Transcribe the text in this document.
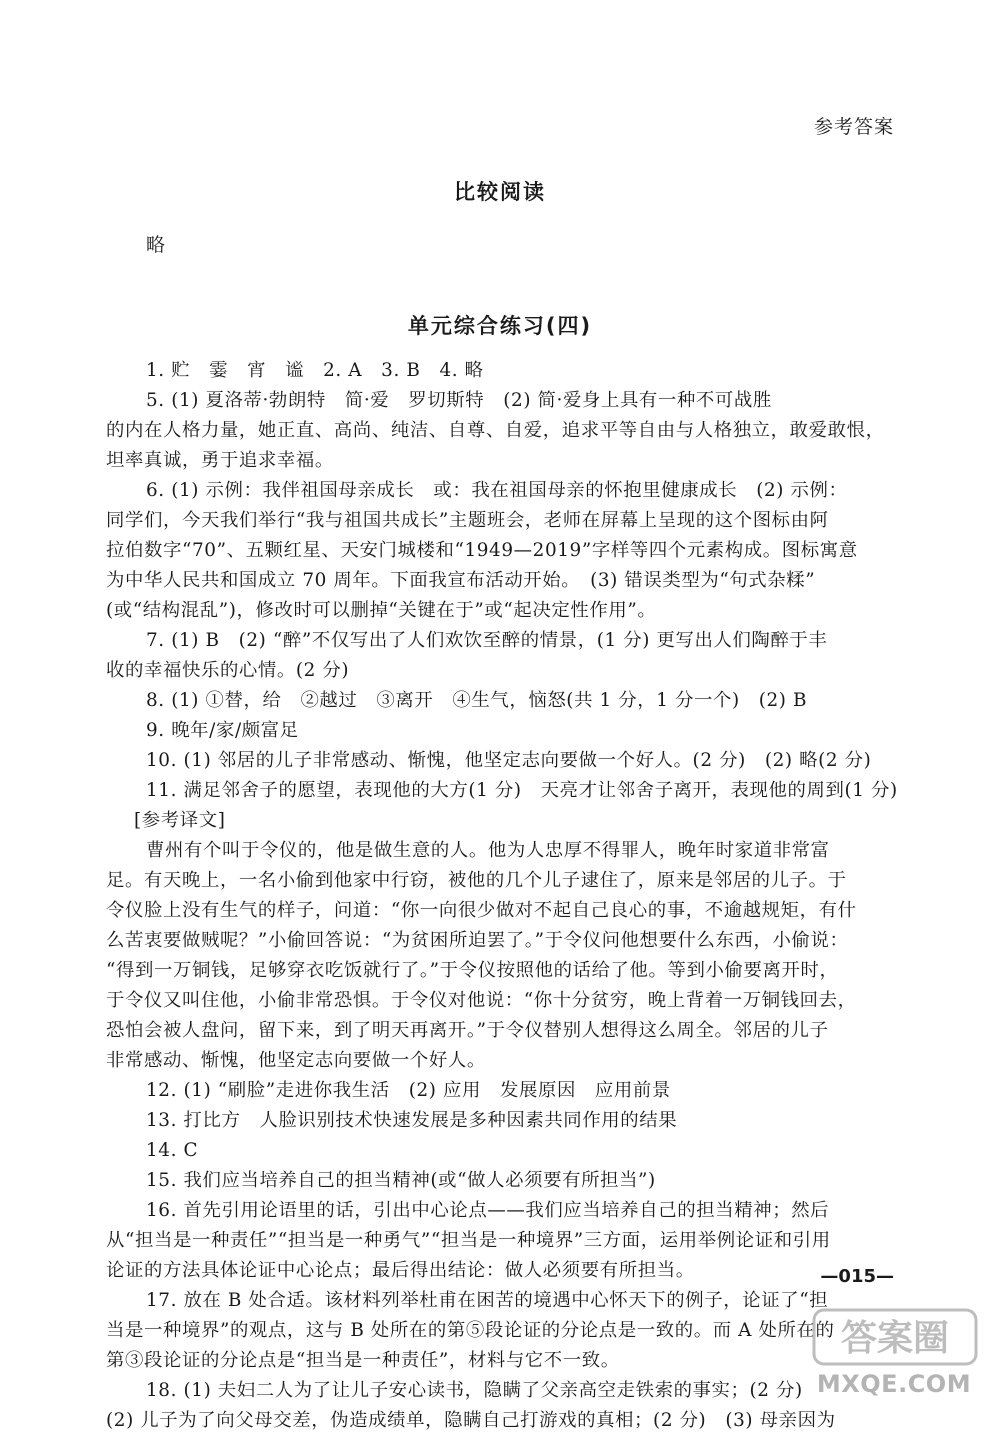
参考答案
比较阅读
略
单元综合练习(四)
1. 贮　霎　宵　谧　2. A　3. B　4. 略
5. (1) 夏洛蒂·勃朗特　简·爱　罗切斯特　(2) 简·爱身上具有一种不可战胜
的内在人格力量，她正直、高尚、纯洁、自尊、自爱，追求平等自由与人格独立，敢爱敢恨，
坦率真诚，勇于追求幸福。
6. (1) 示例：我伴祖国母亲成长　或：我在祖国母亲的怀抱里健康成长　(2) 示例：
同学们，今天我们举行“我与祖国共成长”主题班会，老师在屏幕上呈现的这个图标由阿
拉伯数字“70”、五颗红星、天安门城楼和“1949—2019”字样等四个元素构成。图标寓意
为中华人民共和国成立 70 周年。下面我宣布活动开始。　(3) 错误类型为“句式杂糅”
(或“结构混乱”)，修改时可以删掉“关键在于”或“起决定性作用”。
7. (1) B　(2) “醉”不仅写出了人们欢饮至醉的情景，(1 分) 更写出人们陶醉于丰
收的幸福快乐的心情。(2 分)
8. (1) ①替，给　②越过　③离开　④生气，恼怒(共 1 分，1 分一个)　(2) B
9. 晚年/家/颇富足
10. (1) 邻居的儿子非常感动、惭愧，他坚定志向要做一个好人。(2 分)　(2) 略(2 分)
11. 满足邻舍子的愿望，表现他的大方(1 分)　天亮才让邻舍子离开，表现他的周到(1 分)
[参考译文]
曹州有个叫于令仪的，他是做生意的人。他为人忠厚不得罪人，晚年时家道非常富
足。有天晚上，一名小偷到他家中行窃，被他的几个儿子逮住了，原来是邻居的儿子。于
令仪脸上没有生气的样子，问道：“你一向很少做对不起自己良心的事，不逾越规矩，有什
么苦衷要做贼呢？”小偷回答说：“为贫困所迫罢了。”于令仪问他想要什么东西，小偷说：
“得到一万铜钱，足够穿衣吃饭就行了。”于令仪按照他的话给了他。等到小偷要离开时，
于令仪又叫住他，小偷非常恐惧。于令仪对他说：“你十分贫穷，晚上背着一万铜钱回去，
恐怕会被人盘问，留下来，到了明天再离开。”于令仪替别人想得这么周全。邻居的儿子
非常感动、惭愧，他坚定志向要做一个好人。
12. (1) “刷脸”走进你我生活　(2) 应用　发展原因　应用前景
13. 打比方　人脸识别技术快速发展是多种因素共同作用的结果
14. C
15. 我们应当培养自己的担当精神(或“做人必须要有所担当”)
16. 首先引用论语里的话，引出中心论点——我们应当培养自己的担当精神；然后
从“担当是一种责任”“担当是一种勇气”“担当是一种境界”三方面，运用举例论证和引用
论证的方法具体论证中心论点；最后得出结论：做人必须要有所担当。
17. 放在 B 处合适。该材料列举杜甫在困苦的境遇中心怀天下的例子，论证了“担
当是一种境界”的观点，这与 B 处所在的第⑤段论证的分论点是一致的。而 A 处所在的
第③段论证的分论点是“担当是一种责任”，材料与它不一致。
18. (1) 夫妇二人为了让儿子安心读书，隐瞒了父亲高空走铁索的事实；(2 分)
(2) 儿子为了向父母交差，伪造成绩单，隐瞒自己打游戏的真相；(2 分)　(3) 母亲因为
—015—
答案圈
MXQE.COM
